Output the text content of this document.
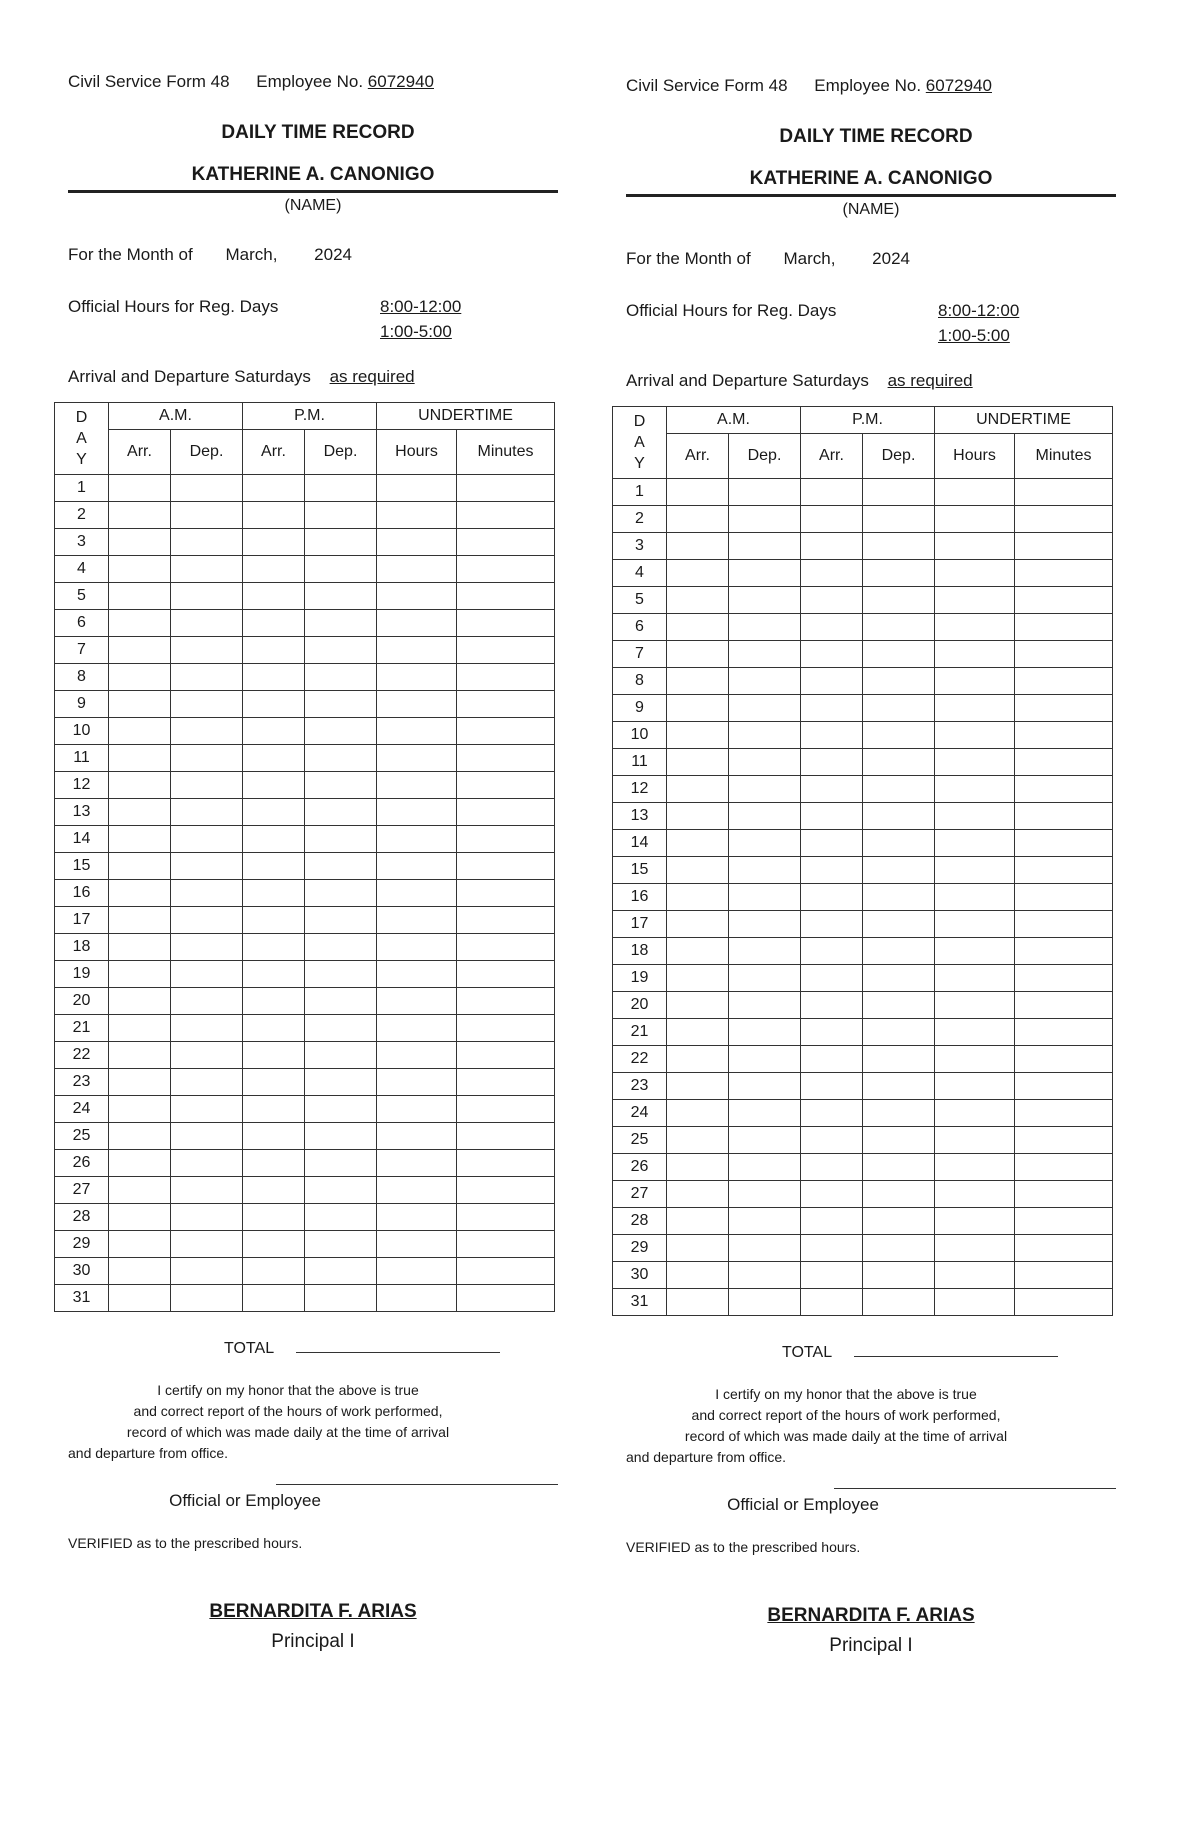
Civil Service Form 48 Employee No. 6072940
DAILY TIME RECORD
KATHERINE A. CANONIGO
(NAME)
For the Month of March, 2024
Official Hours for Reg. Days	8:00-12:00
1:00-5:00
Arrival and Departure Saturdays as required
D
A
Y	A.M.		P.M.		UNDERTIME	
	Arr.	Dep.	Arr.	Dep.	Hours	Minutes
1						
2						
3						
4						
5						
6						
7						
8						
9						
10						
11						
12						
13						
14						
15						
16						
17						
18						
19						
20						
21						
22						
23						
24						
25						
26						
27						
28						
29						
30						
31						
TOTAL
I certify on my honor that the above is true
and correct report of the hours of work performed,
record of which was made daily at the time of arrival
and departure from office.
Official or Employee
VERIFIED as to the prescribed hours.
BERNARDITA F. ARIAS
Principal I
Civil Service Form 48 Employee No. 6072940
DAILY TIME RECORD
KATHERINE A. CANONIGO
(NAME)
For the Month of March, 2024
Official Hours for Reg. Days	8:00-12:00
1:00-5:00
Arrival and Departure Saturdays as required
D
A
Y	A.M.		P.M.		UNDERTIME	
	Arr.	Dep.	Arr.	Dep.	Hours	Minutes
1						
2						
3						
4						
5						
6						
7						
8						
9						
10						
11						
12						
13						
14						
15						
16						
17						
18						
19						
20						
21						
22						
23						
24						
25						
26						
27						
28						
29						
30						
31						
TOTAL
I certify on my honor that the above is true
and correct report of the hours of work performed,
record of which was made daily at the time of arrival
and departure from office.
Official or Employee
VERIFIED as to the prescribed hours.
BERNARDITA F. ARIAS
Principal I
